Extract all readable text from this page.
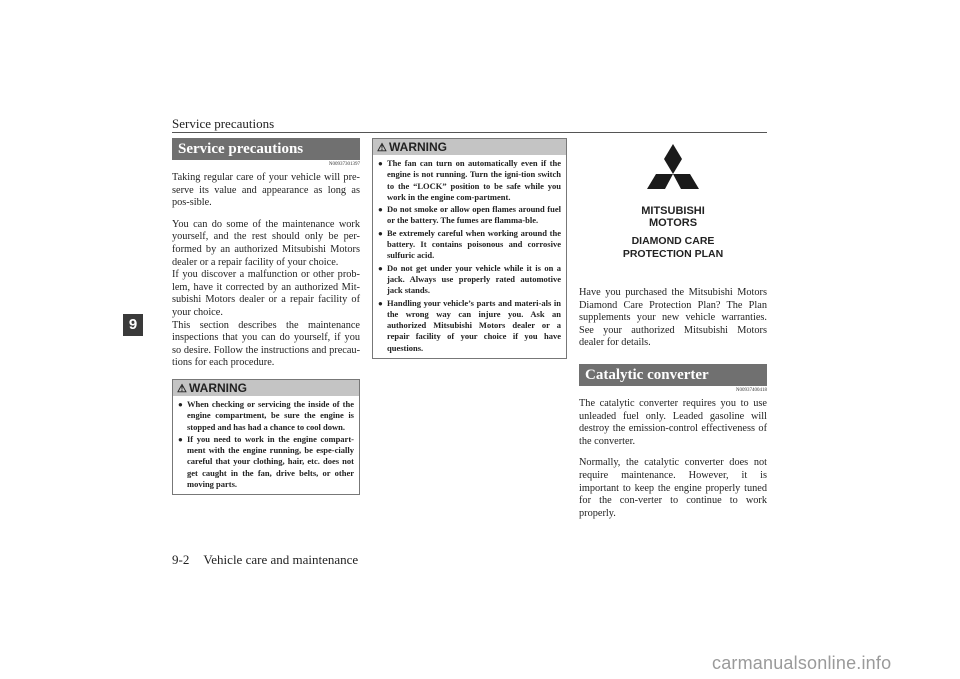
Service precautions
9
Service precautions
N00937301397

Taking regular care of your vehicle will pre-serve its value and appearance as long as pos-sible.

You can do some of the maintenance work yourself, and the rest should only be per-formed by an authorized Mitsubishi Motors dealer or a repair facility of your choice.

If you discover a malfunction or other prob-lem, have it corrected by an authorized Mit-subishi Motors dealer or a repair facility of your choice.

This section describes the maintenance inspections that you can do yourself, if you so desire. Follow the instructions and precau-tions for each procedure.

⚠ WARNING
● When checking or servicing the inside of the engine compartment, be sure the engine is stopped and has had a chance to cool down.
● If you need to work in the engine compart-ment with the engine running, be espe-cially careful that your clothing, hair, etc. does not get caught in the fan, drive belts, or other moving parts.
⚠ WARNING
● The fan can turn on automatically even if the engine is not running. Turn the igni-tion switch to the “LOCK” position to be safe while you work in the engine com-partment.
● Do not smoke or allow open flames around fuel or the battery. The fumes are flamma-ble.
● Be extremely careful when working around the battery. It contains poisonous and corrosive sulfuric acid.
● Do not get under your vehicle while it is on a jack. Always use properly rated automotive jack stands.
● Handling your vehicle’s parts and materi-als in the wrong way can injure you. Ask an authorized Mitsubishi Motors dealer or a repair facility of your choice if you have questions.
MITSUBISHI
MOTORS
DIAMOND CARE
PROTECTION PLAN

Have you purchased the Mitsubishi Motors Diamond Care Protection Plan? The Plan supplements your new vehicle warranties. See your authorized Mitsubishi Motors dealer for details.

Catalytic converter
N00937400418

The catalytic converter requires you to use unleaded fuel only. Leaded gasoline will destroy the emission-control effectiveness of the converter.

Normally, the catalytic converter does not require maintenance. However, it is important to keep the engine properly tuned for the con-verter to continue to work properly.

9-2 Vehicle care and maintenance
carmanualsonline.info
